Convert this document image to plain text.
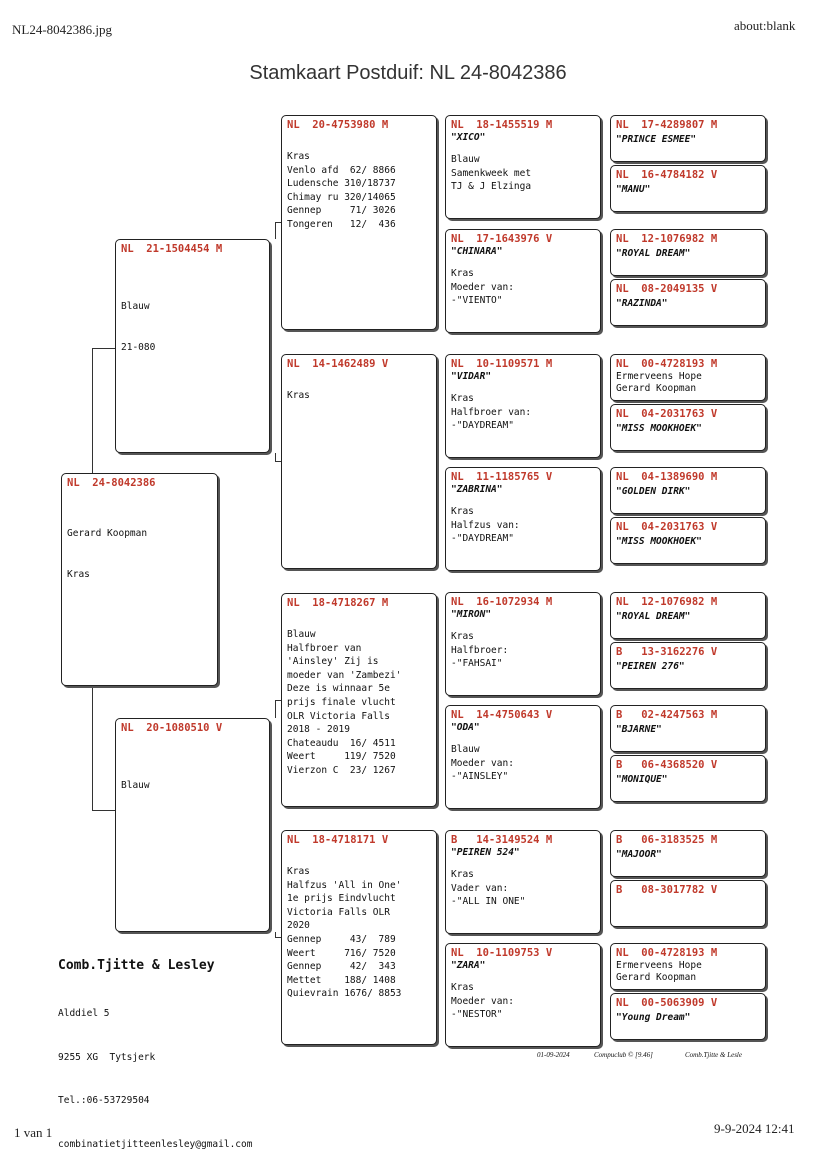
NL24-8042386.jpg	about:blank
Stamkaart Postduif: NL 24-8042386
NL  24-8042386

Gerard Koopman

Kras

NL  21-1504454 M

Blauw

21-080

NL  20-1080510 V

Blauw

NL  20-4753980 M
Kras
Venlo afd  62/ 8866
Ludensche 310/18737
Chimay ru 320/14065
Gennep     71/ 3026
Tongeren   12/  436
NL  14-1462489 V
Kras
NL  18-4718267 M
Blauw
Halfbroer van
'Ainsley' Zij is
moeder van 'Zambezi'
Deze is winnaar 5e
prijs finale vlucht
OLR Victoria Falls
2018 - 2019
Chateaudu  16/ 4511
Weert     119/ 7520
Vierzon C  23/ 1267
NL  18-4718171 V
Kras
Halfzus 'All in One'
1e prijs Eindvlucht
Victoria Falls OLR
2020
Gennep     43/  789
Weert     716/ 7520
Gennep     42/  343
Mettet    188/ 1408
Quievrain 1676/ 8853
NL  18-1455519 M
"XICO"
Blauw
Samenkweek met
TJ & J Elzinga
NL  17-1643976 V
"CHINARA"
Kras
Moeder van:
-"VIENTO"
NL  10-1109571 M
"VIDAR"
Kras
Halfbroer van:
-"DAYDREAM"
NL  11-1185765 V
"ZABRINA"
Kras
Halfzus van:
-"DAYDREAM"
NL  16-1072934 M
"MIRON"
Kras
Halfbroer:
-"FAHSAI"
NL  14-4750643 V
"ODA"
Blauw
Moeder van:
-"AINSLEY"
B   14-3149524 M
"PEIREN 524"
Kras
Vader van:
-"ALL IN ONE"
NL  10-1109753 V
"ZARA"
Kras
Moeder van:
-"NESTOR"
NL  17-4289807 M
"PRINCE ESMEE"
NL  16-4784182 V
"MANU"
NL  12-1076982 M
"ROYAL DREAM"
NL  08-2049135 V
"RAZINDA"
NL  00-4728193 M
Ermerveens Hope
Gerard Koopman
NL  04-2031763 V
"MISS MOOKHOEK"
NL  04-1389690 M
"GOLDEN DIRK"
NL  04-2031763 V
"MISS MOOKHOEK"
NL  12-1076982 M
"ROYAL DREAM"
B   13-3162276 V
"PEIREN 276"
B   02-4247563 M
"BJARNE"
B   06-4368520 V
"MONIQUE"
B   06-3183525 M
"MAJOOR"
B   08-3017782 V
NL  00-4728193 M
Ermerveens Hope
Gerard Koopman
NL  00-5063909 V
"Young Dream"
Comb.Tjitte & Lesley

Alddiel 5

9255 XG  Tytsjerk

Tel.:06-53729504

combinatietjitteenlesley@gmail.com

01-09-2024	Compuclub © [9.46]	Comb.Tjitte & Lesle
1 van 1	9-9-2024 12:41
